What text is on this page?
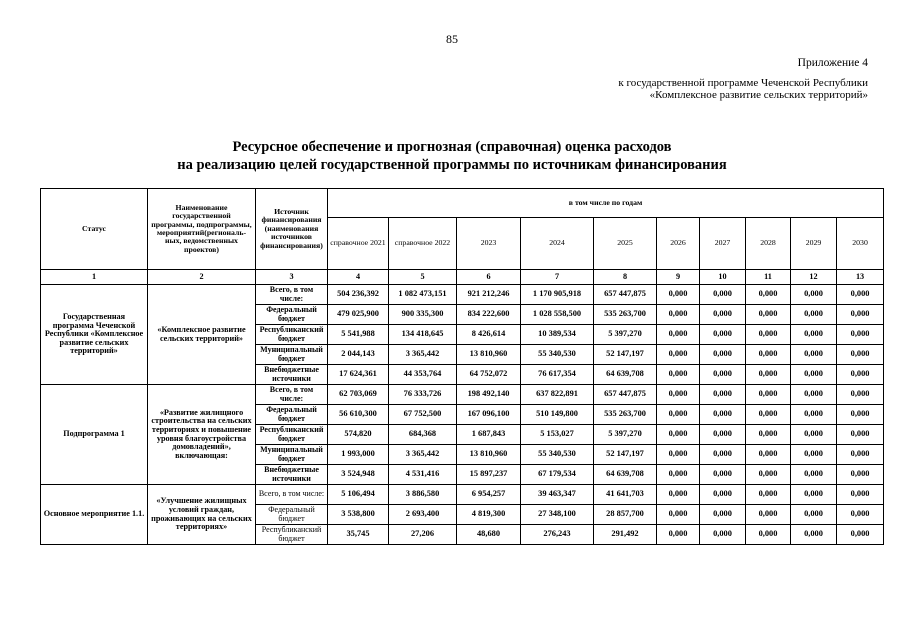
85
Приложение 4
к государственной программе Чеченской Республики
«Комплексное развитие сельских территорий»
Ресурсное обеспечение и прогнозная (справочная) оценка расходов
на реализацию целей государственной программы по источникам финансирования
Статус	Наименование государственной программы, подпрограммы, мероприятий(региональных, ведомственных проектов)	Источник финансирования (наименования источников финансирования)	в том числе по годам									
			справочное 2021	справочное 2022	2023	2024	2025	2026	2027	2028	2029	2030
1	2	3	4	5	6	7	8	9	10	11	12	13
Государственная программа Чеченской Республики «Комплексное развитие сельских территорий»	«Комплексное развитие сельских территорий»	Всего, в том числе:	504 236,392	1 082 473,151	921 212,246	1 170 905,918	657 447,875	0,000	0,000	0,000	0,000	0,000
		Федеральный бюджет	479 025,900	900 335,300	834 222,600	1 028 558,500	535 263,700	0,000	0,000	0,000	0,000	0,000
		Республиканский бюджет	5 541,988	134 418,645	8 426,614	10 389,534	5 397,270	0,000	0,000	0,000	0,000	0,000
		Муниципальный бюджет	2 044,143	3 365,442	13 810,960	55 340,530	52 147,197	0,000	0,000	0,000	0,000	0,000
		Внебюджетные источники	17 624,361	44 353,764	64 752,072	76 617,354	64 639,708	0,000	0,000	0,000	0,000	0,000
Подпрограмма 1	«Развитие жилищного строительства на сельских территориях и повышение уровня благоустройства домовладений», включающая:	Всего, в том числе:	62 703,069	76 333,726	198 492,140	637 822,891	657 447,875	0,000	0,000	0,000	0,000	0,000
		Федеральный бюджет	56 610,300	67 752,500	167 096,100	510 149,800	535 263,700	0,000	0,000	0,000	0,000	0,000
		Республиканский бюджет	574,820	684,368	1 687,843	5 153,027	5 397,270	0,000	0,000	0,000	0,000	0,000
		Муниципальный бюджет	1 993,000	3 365,442	13 810,960	55 340,530	52 147,197	0,000	0,000	0,000	0,000	0,000
		Внебюджетные источники	3 524,948	4 531,416	15 897,237	67 179,534	64 639,708	0,000	0,000	0,000	0,000	0,000
Основное мероприятие 1.1.	«Улучшение жилищных условий граждан, проживающих на сельских территориях»	Всего, в том числе:	5 106,494	3 886,580	6 954,257	39 463,347	41 641,703	0,000	0,000	0,000	0,000	0,000
		Федеральный бюджет	3 538,800	2 693,400	4 819,300	27 348,100	28 857,700	0,000	0,000	0,000	0,000	0,000
		Республиканский бюджет	35,745	27,206	48,680	276,243	291,492	0,000	0,000	0,000	0,000	0,000
